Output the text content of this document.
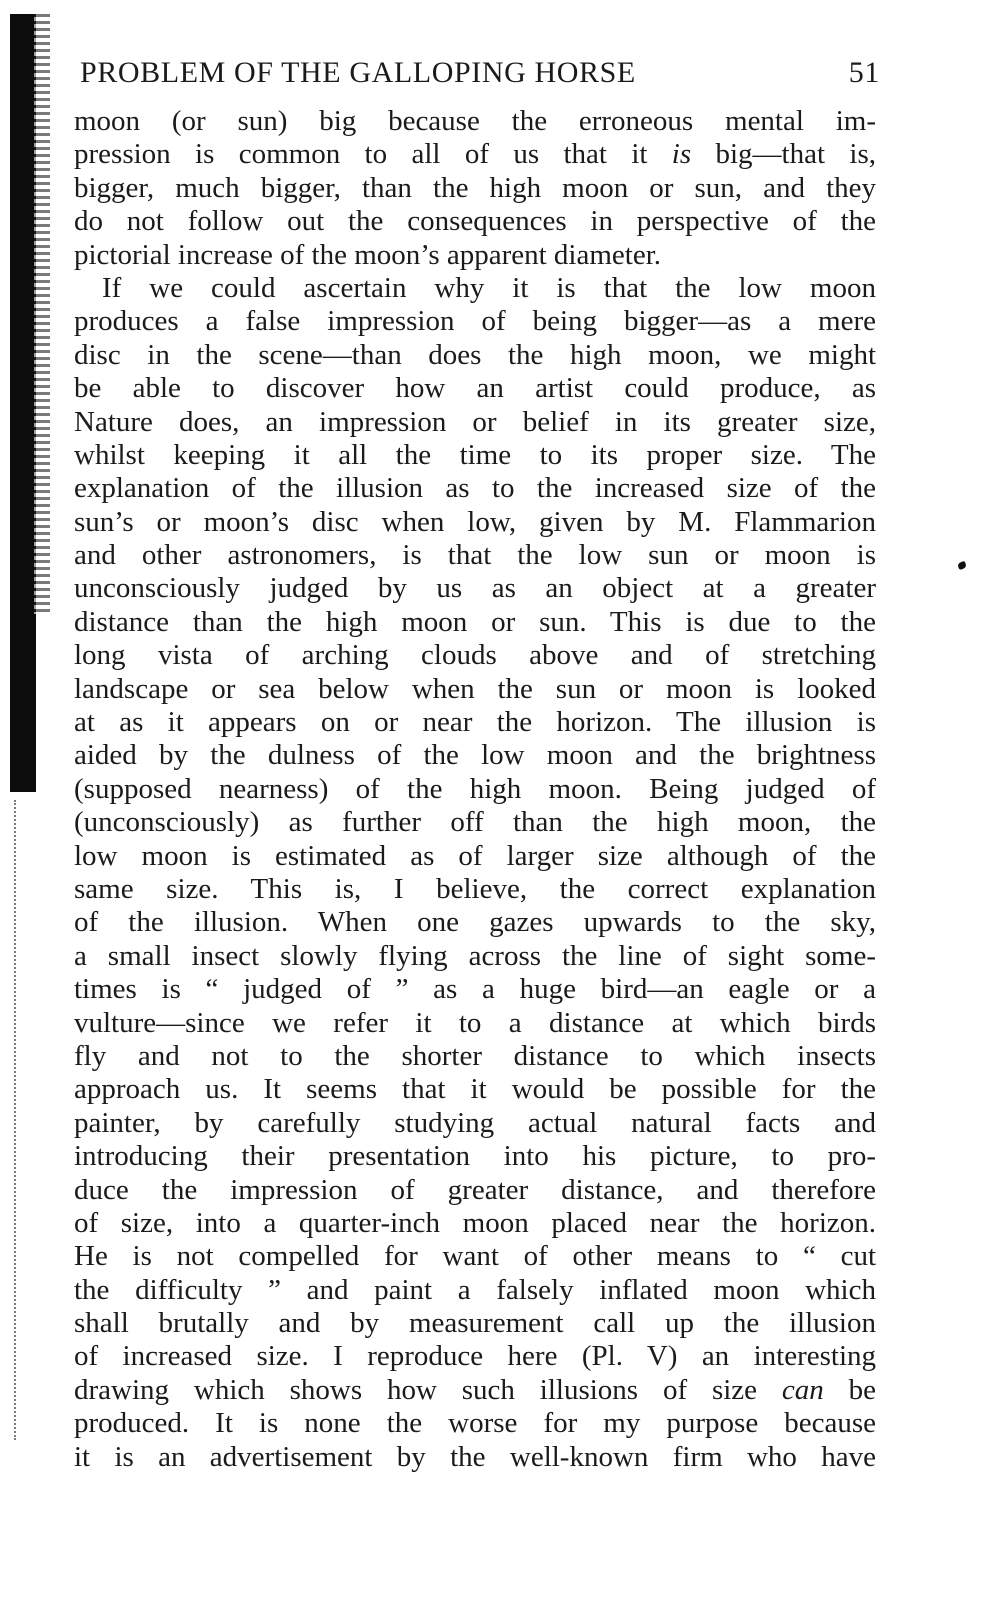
PROBLEM OF THE GALLOPING HORSE	51
moon (or sun) big because the erroneous mental im-
pression is common to all of us that it is big—that is,
bigger, much bigger, than the high moon or sun, and they
do not follow out the consequences in perspective of the
pictorial increase of the moon’s apparent diameter.
If we could ascertain why it is that the low moon
produces a false impression of being bigger—as a mere
disc in the scene—than does the high moon, we might
be able to discover how an artist could produce, as
Nature does, an impression or belief in its greater size,
whilst keeping it all the time to its proper size. The
explanation of the illusion as to the increased size of the
sun’s or moon’s disc when low, given by M. Flammarion
and other astronomers, is that the low sun or moon is
unconsciously judged by us as an object at a greater
distance than the high moon or sun. This is due to the
long vista of arching clouds above and of stretching
landscape or sea below when the sun or moon is looked
at as it appears on or near the horizon. The illusion is
aided by the dulness of the low moon and the brightness
(supposed nearness) of the high moon. Being judged of
(unconsciously) as further off than the high moon, the
low moon is estimated as of larger size although of the
same size. This is, I believe, the correct explanation
of the illusion. When one gazes upwards to the sky,
a small insect slowly flying across the line of sight some-
times is “ judged of ” as a huge bird—an eagle or a
vulture—since we refer it to a distance at which birds
fly and not to the shorter distance to which insects
approach us. It seems that it would be possible for the
painter, by carefully studying actual natural facts and
introducing their presentation into his picture, to pro-
duce the impression of greater distance, and therefore
of size, into a quarter-inch moon placed near the horizon.
He is not compelled for want of other means to “ cut
the difficulty ” and paint a falsely inflated moon which
shall brutally and by measurement call up the illusion
of increased size. I reproduce here (Pl. V) an interesting
drawing which shows how such illusions of size can be
produced. It is none the worse for my purpose because
it is an advertisement by the well-known firm who have
